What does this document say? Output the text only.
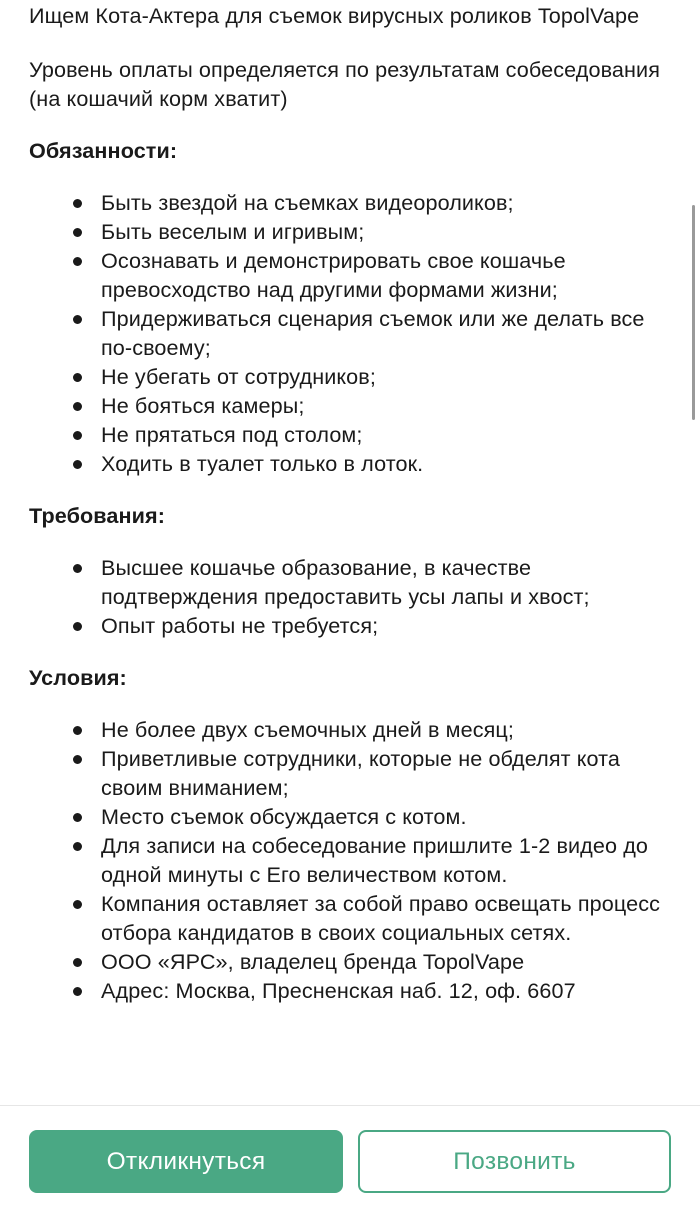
Ищем Кота-Актера для съемок вирусных роликов TopolVape

Уровень оплаты определяется по результатам собеседования (на кошачий корм хватит)

Обязанности:

Быть звездой на съемках видеороликов;
Быть веселым и игривым;
Осознавать и демонстрировать свое кошачье превосходство над другими формами жизни;
Придерживаться сценария съемок или же делать все по-своему;
Не убегать от сотрудников;
Не бояться камеры;
Не прятаться под столом;
Ходить в туалет только в лоток.

Требования:

Высшее кошачье образование, в качестве подтверждения предоставить усы лапы и хвост;
Опыт работы не требуется;

Условия:

Не более двух съемочных дней в месяц;
Приветливые сотрудники, которые не обделят кота своим вниманием;
Место съемок обсуждается с котом.
Для записи на собеседование пришлите 1-2 видео до одной минуты с Его величеством котом.
Компания оставляет за собой право освещать процесс отбора кандидатов в своих социальных сетях.
ООО «ЯРС», владелец бренда TopolVape
Адрес: Москва, Пресненская наб. 12, оф. 6607
Откликнуться	Позвонить
